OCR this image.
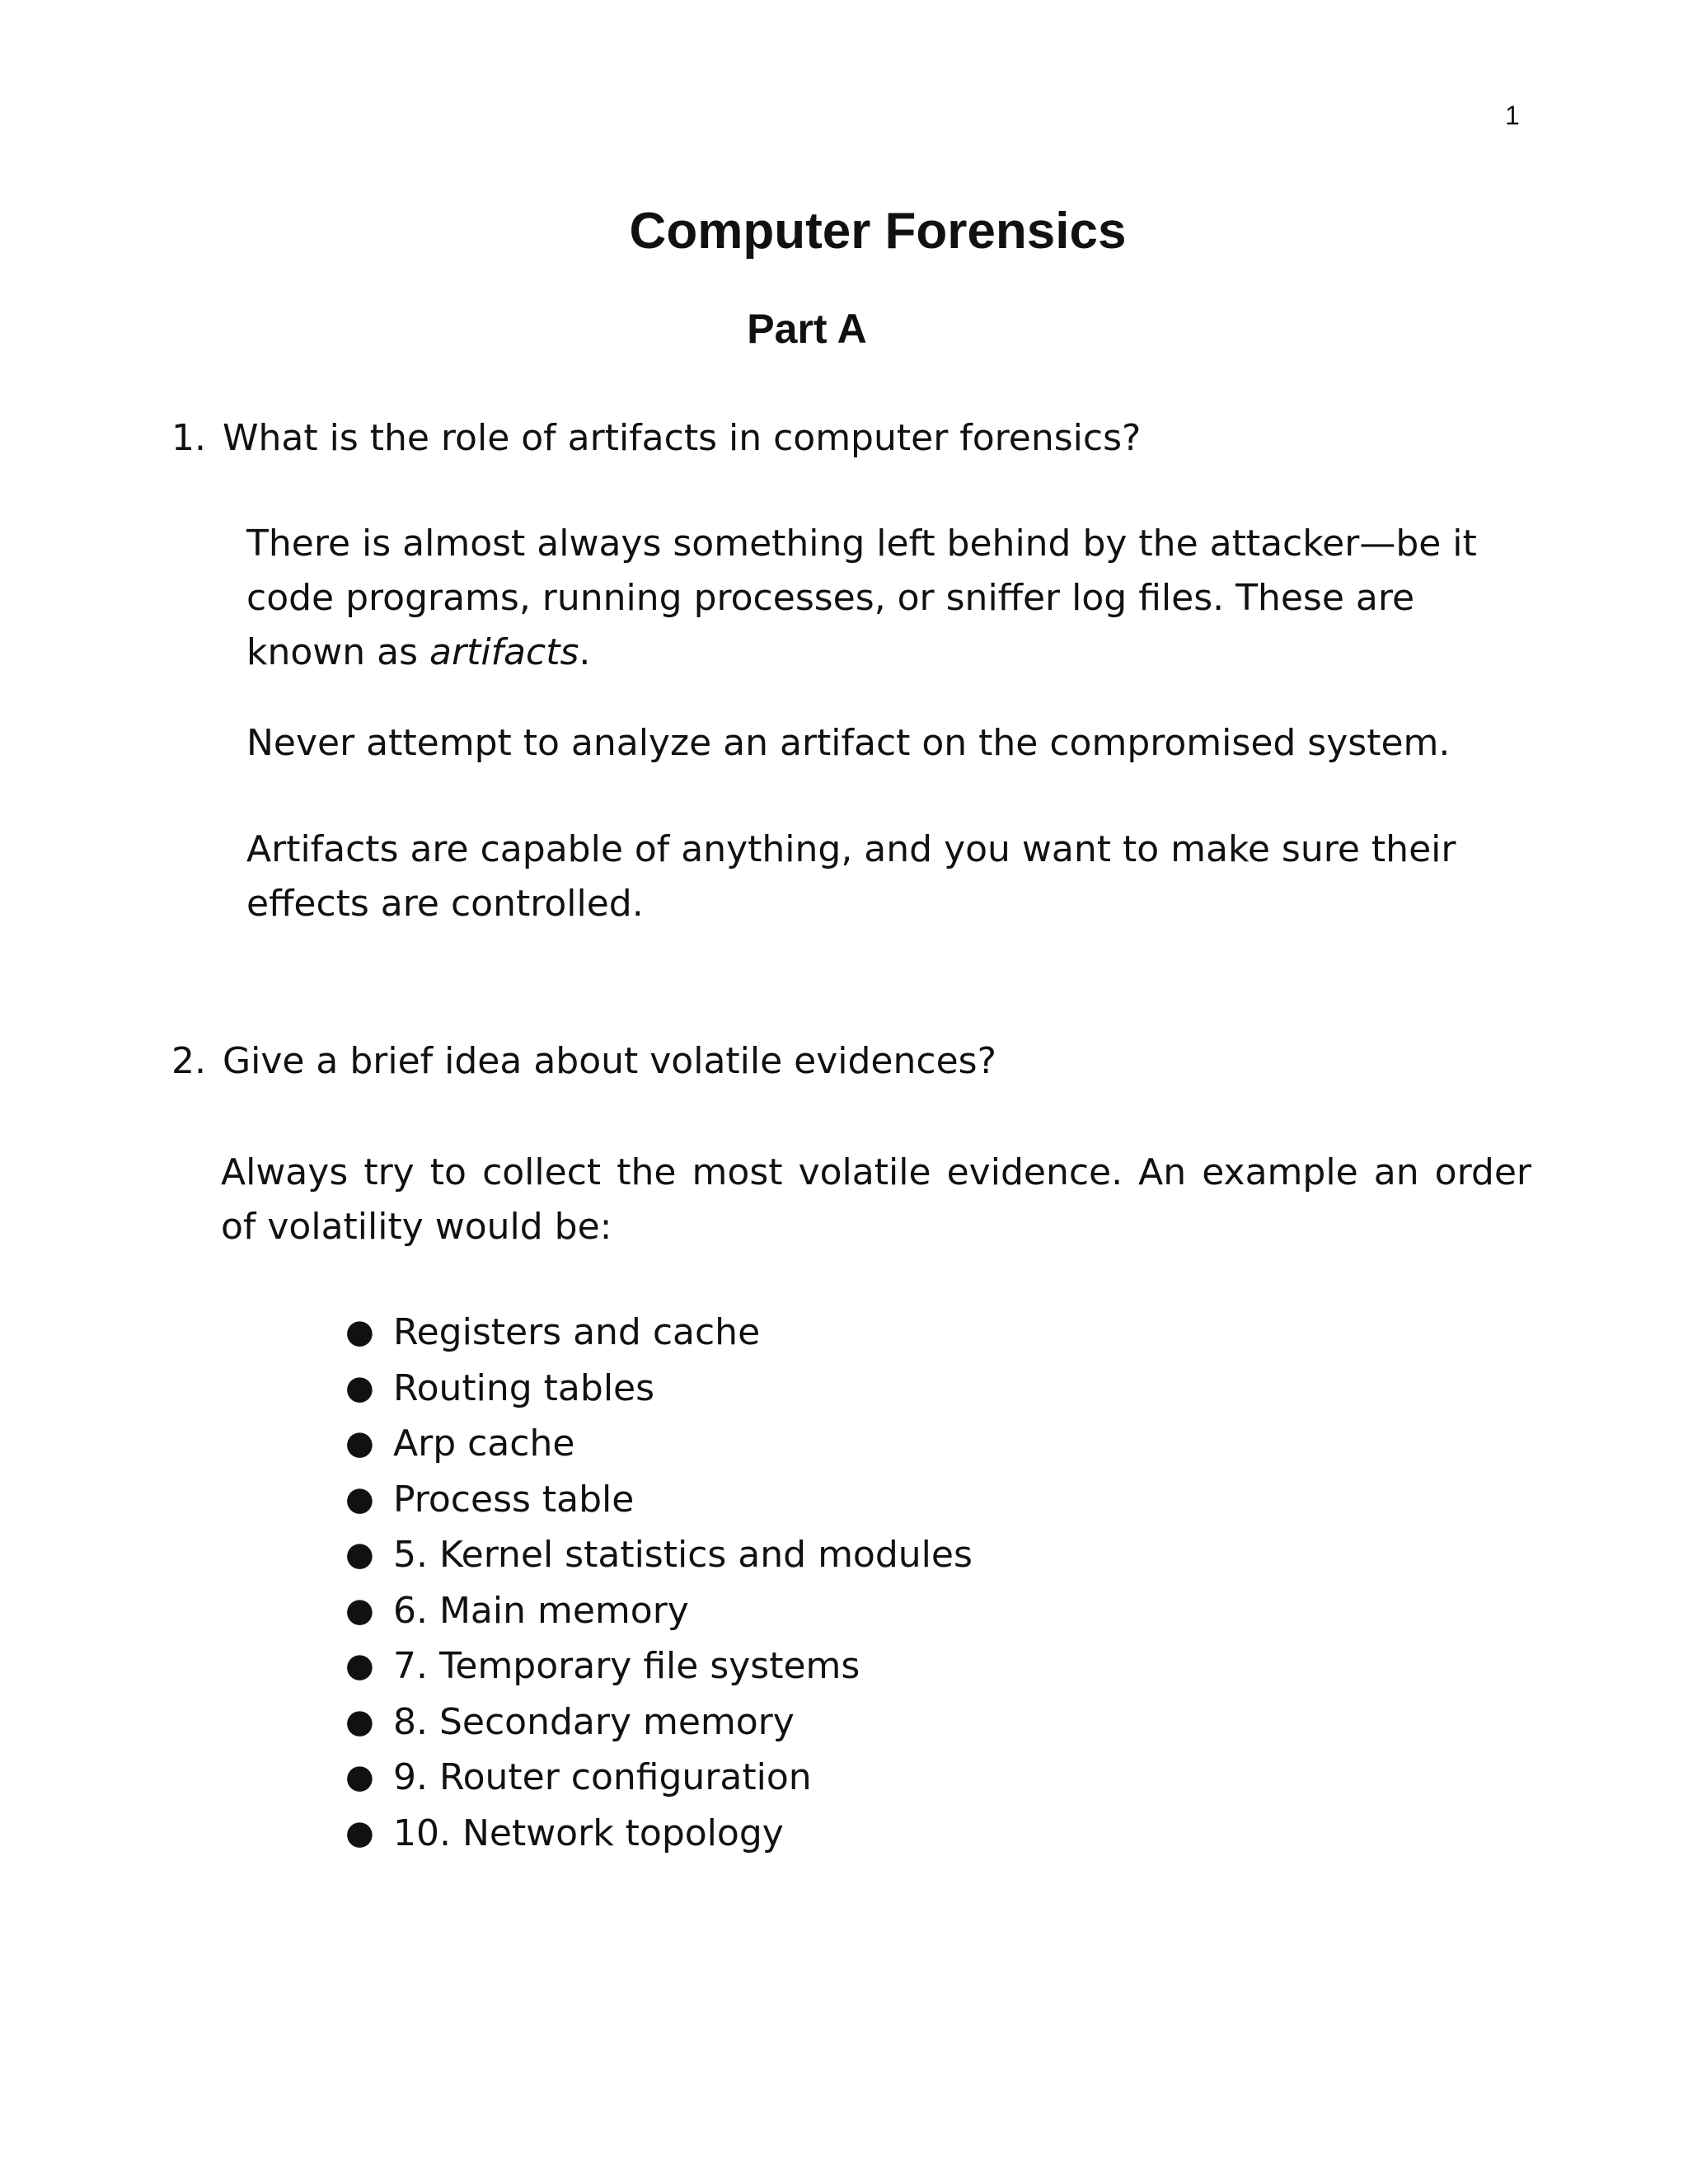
1
Computer Forensics
Part A

1. What is the role of artifacts in computer forensics?

There is almost always something left behind by the attacker—be it code programs, running processes, or sniffer log files. These are known as artifacts.

Never attempt to analyze an artifact on the compromised system.

Artifacts are capable of anything, and you want to make sure their effects are controlled.

2. Give a brief idea about volatile evidences?

Always try to collect the most volatile evidence. An example an order of volatility would be:

● Registers and cache
● Routing tables
● Arp cache
● Process table
● 5. Kernel statistics and modules
● 6. Main memory
● 7. Temporary file systems
● 8. Secondary memory
● 9. Router configuration
● 10. Network topology
